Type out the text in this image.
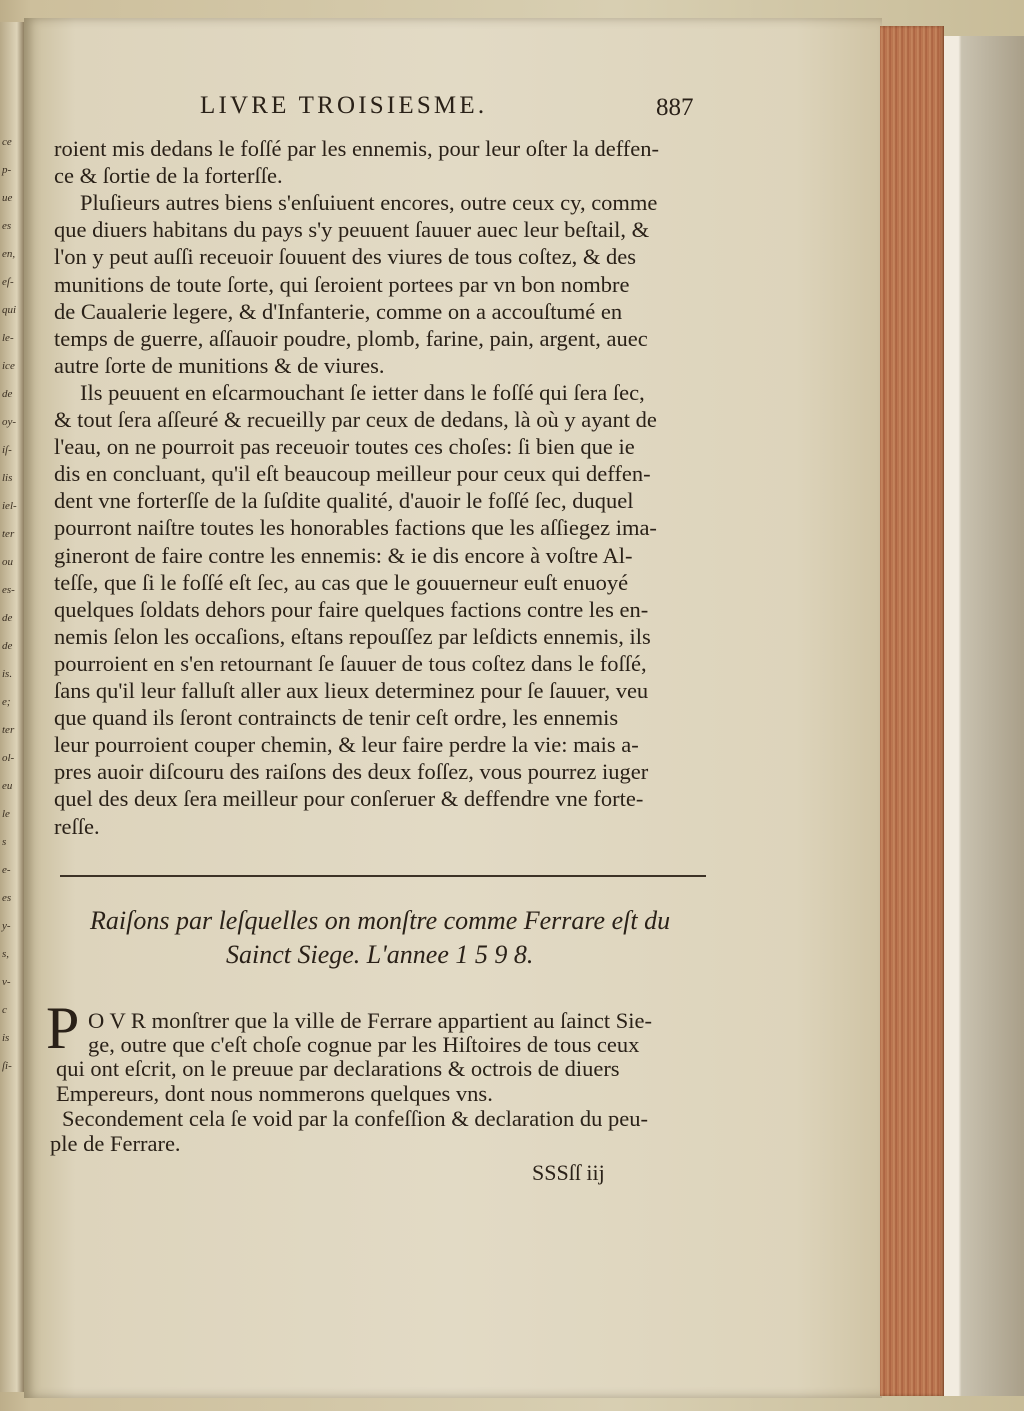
ce
p-
ue
es
en,
eſ-
qui
le-
ice
de
oy-
iſ-
lis
iel-
ter
ou
es-
de
de
is.
e;
ter
ol-
eu
le
s
e-
es
y-
s,
v-
c
is
ſi-
LIVRE TROISIESME.	887
roient mis dedans le foſſé par les ennemis, pour leur oſter la deffen-
ce & ſortie de la forterſſe.
Pluſieurs autres biens s'enſuiuent encores, outre ceux cy, comme
que diuers habitans du pays s'y peuuent ſauuer auec leur beſtail, &
l'on y peut auſſi receuoir ſouuent des viures de tous coſtez, & des
munitions de toute ſorte, qui ſeroient portees par vn bon nombre
de Caualerie legere, & d'Infanterie, comme on a accouſtumé en
temps de guerre, aſſauoir poudre, plomb, farine, pain, argent, auec
autre ſorte de munitions & de viures.
Ils peuuent en eſcarmouchant ſe ietter dans le foſſé qui ſera ſec,
& tout ſera aſſeuré & recueilly par ceux de dedans, là où y ayant de
l'eau, on ne pourroit pas receuoir toutes ces choſes: ſi bien que ie
dis en concluant, qu'il eſt beaucoup meilleur pour ceux qui deffen-
dent vne forterſſe de la ſuſdite qualité, d'auoir le foſſé ſec, duquel
pourront naiſtre toutes les honorables factions que les aſſiegez ima-
gineront de faire contre les ennemis: & ie dis encore à voſtre Al-
teſſe, que ſi le foſſé eſt ſec, au cas que le gouuerneur euſt enuoyé
quelques ſoldats dehors pour faire quelques factions contre les en-
nemis ſelon les occaſions, eſtans repouſſez par leſdicts ennemis, ils
pourroient en s'en retournant ſe ſauuer de tous coſtez dans le foſſé,
ſans qu'il leur falluſt aller aux lieux determinez pour ſe ſauuer, veu
que quand ils ſeront contraincts de tenir ceſt ordre, les ennemis
leur pourroient couper chemin, & leur faire perdre la vie: mais a-
pres auoir diſcouru des raiſons des deux foſſez, vous pourrez iuger
quel des deux ſera meilleur pour conſeruer & deffendre vne forte-
reſſe.
Raiſons par leſquelles on monſtre comme Ferrare eſt du
Sainct Siege. L'annee 1 5 9 8.
P O V R monſtrer que la ville de Ferrare appartient au ſainct Sie-
ge, outre que c'eſt choſe cognue par les Hiſtoires de tous ceux
qui ont eſcrit, on le preuue par declarations & octrois de diuers
Empereurs, dont nous nommerons quelques vns.
Secondement cela ſe void par la confeſſion & declaration du peu-
ple de Ferrare.
SSSſſ iij
